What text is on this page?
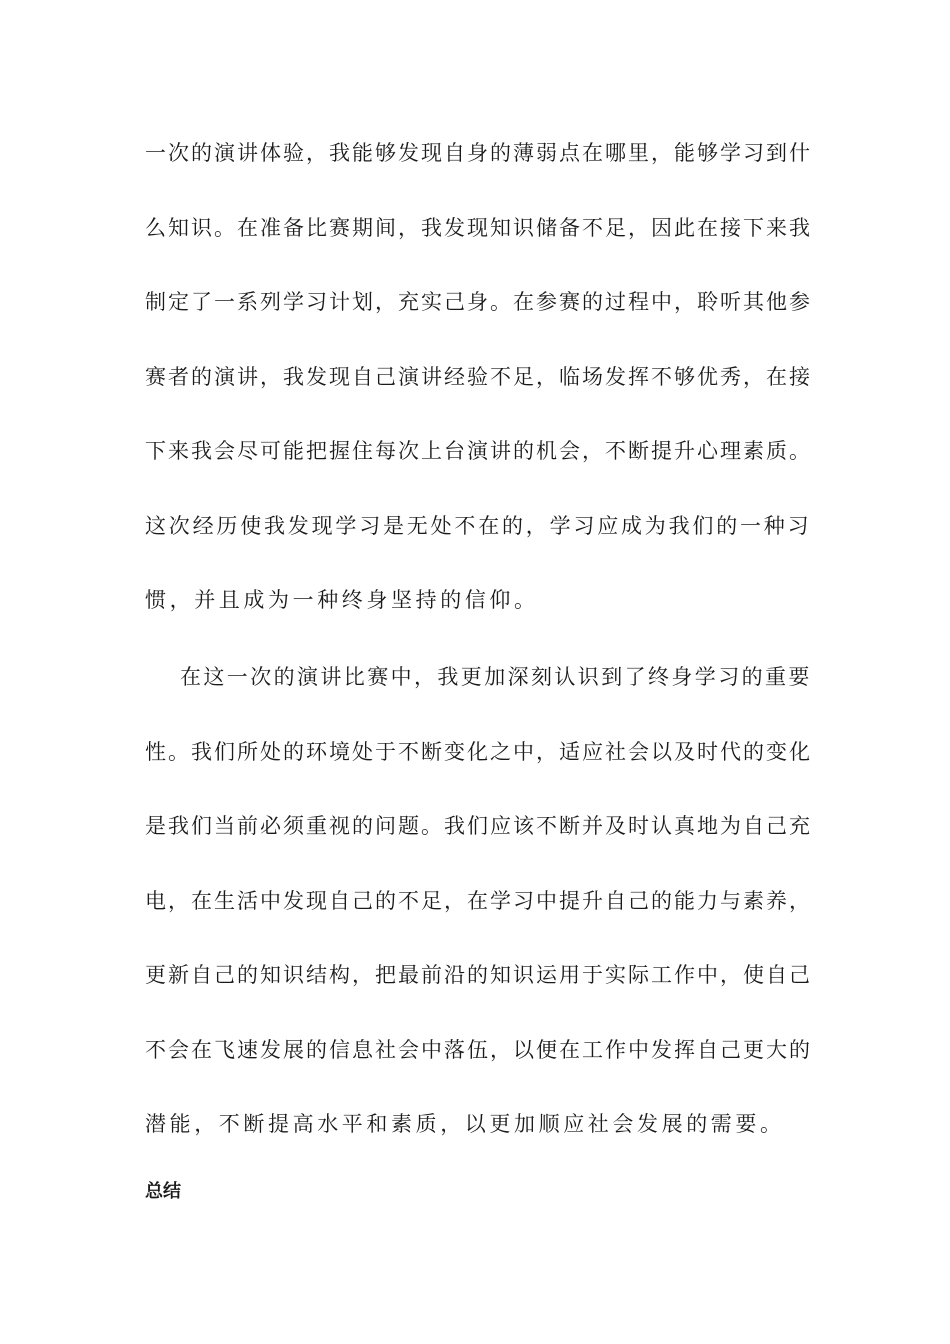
一次的演讲体验，我能够发现自身的薄弱点在哪里，能够学习到什
么知识。在准备比赛期间，我发现知识储备不足，因此在接下来我
制定了一系列学习计划，充实己身。在参赛的过程中，聆听其他参
赛者的演讲，我发现自己演讲经验不足，临场发挥不够优秀，在接
下来我会尽可能把握住每次上台演讲的机会，不断提升心理素质。
这次经历使我发现学习是无处不在的，学习应成为我们的一种习
惯，并且成为一种终身坚持的信仰。
在这一次的演讲比赛中，我更加深刻认识到了终身学习的重要
性。我们所处的环境处于不断变化之中，适应社会以及时代的变化
是我们当前必须重视的问题。我们应该不断并及时认真地为自己充
电，在生活中发现自己的不足，在学习中提升自己的能力与素养，
更新自己的知识结构，把最前沿的知识运用于实际工作中，使自己
不会在飞速发展的信息社会中落伍，以便在工作中发挥自己更大的
潜能，不断提高水平和素质，以更加顺应社会发展的需要。
总结
